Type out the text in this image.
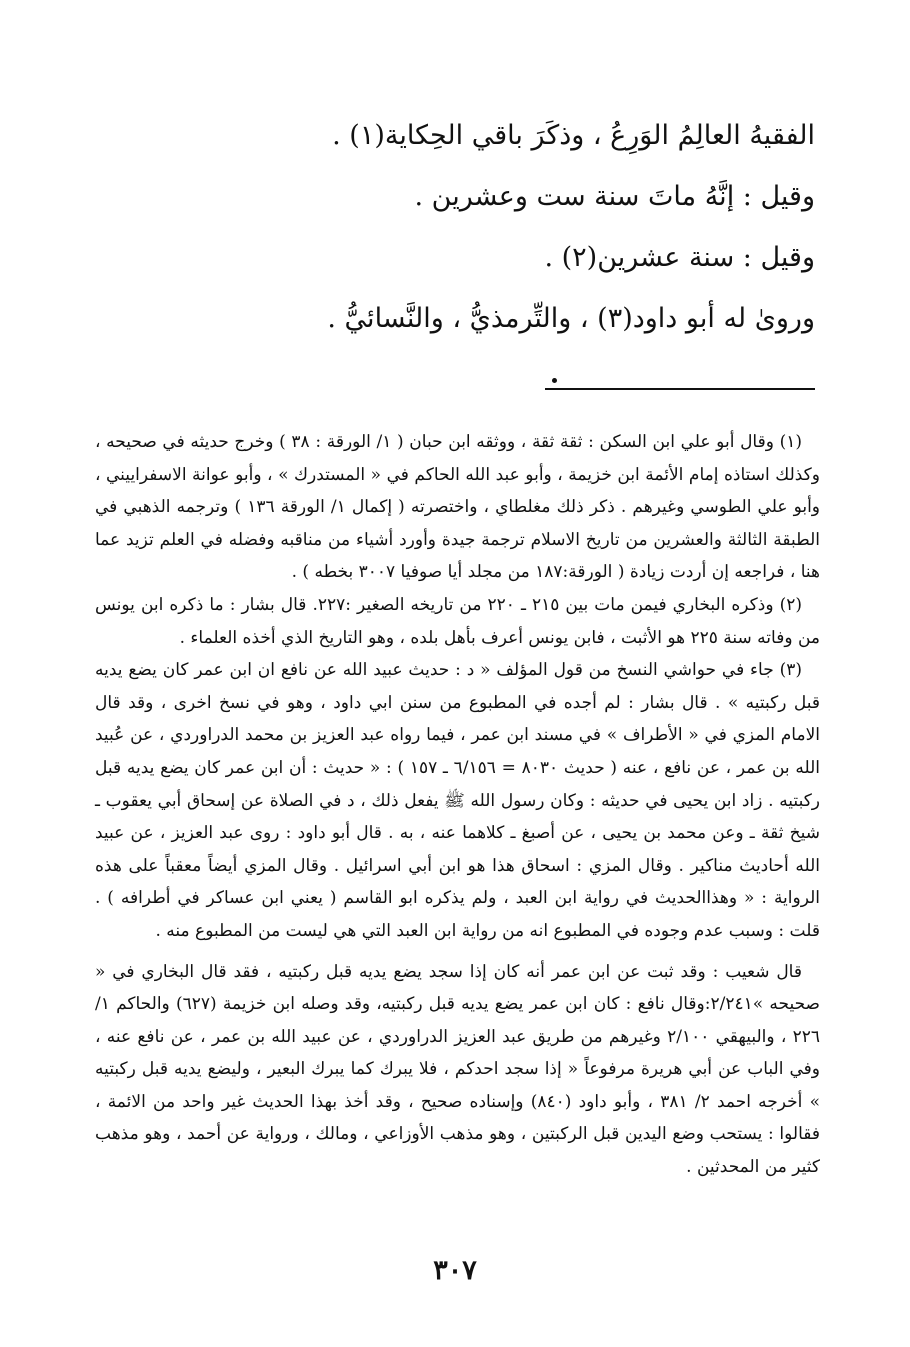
الفقيهُ العالِمُ الوَرِعُ ، وذكَرَ باقي الحِكاية(١) .

وقيل : إنَّهُ ماتَ سنة ست وعشرين .

وقيل : سنة عشرين(٢) .

وروىٰ له أبو داود(٣) ، والتِّرمذيُّ ، والنَّسائيُّ .

(١) وقال أبو علي ابن السكن : ثقة ثقة ، ووثقه ابن حبان ( ١/ الورقة : ٣٨ ) وخرج حديثه في صحيحه ، وكذلك استاذه إمام الأئمة ابن خزيمة ، وأبو عبد الله الحاكم في « المستدرك » ، وأبو عوانة الاسفراييني ، وأبو علي الطوسي وغيرهم . ذكر ذلك مغلطاي ، واختصرته ( إكمال ١/ الورقة ١٣٦ ) وترجمه الذهبي في الطبقة الثالثة والعشرين من تاريخ الاسلام ترجمة جيدة وأورد أشياء من مناقبه وفضله في العلم تزيد عما هنا ، فراجعه إن أردت زيادة ( الورقة:١٨٧ من مجلد أيا صوفيا ٣٠٠٧ بخطه ) .

(٢) وذكره البخاري فيمن مات بين ٢١٥ ـ ٢٢٠ من تاريخه الصغير :٢٢٧. قال بشار : ما ذكره ابن يونس من وفاته سنة ٢٢٥ هو الأثبت ، فابن يونس أعرف بأهل بلده ، وهو التاريخ الذي أخذه العلماء .

(٣) جاء في حواشي النسخ من قول المؤلف « د : حديث عبيد الله عن نافع ان ابن عمر كان يضع يديه قبل ركبتيه » . قال بشار : لم أجده في المطبوع من سنن ابي داود ، وهو في نسخ اخرى ، وقد قال الامام المزي في « الأطراف » في مسند ابن عمر ، فيما رواه عبد العزيز بن محمد الدراوردي ، عن عُبيد الله بن عمر ، عن نافع ، عنه ( حديث ٨٠٣٠ = ٦/١٥٦ ـ ١٥٧ ) : « حديث : أن ابن عمر كان يضع يديه قبل ركبتيه . زاد ابن يحيى في حديثه : وكان رسول الله ﷺ يفعل ذلك ، د في الصلاة عن إسحاق أبي يعقوب ـ شيخ ثقة ـ وعن محمد بن يحيى ، عن أصبغ ـ كلاهما عنه ، به . قال أبو داود : روى عبد العزيز ، عن عبيد الله أحاديث مناكير . وقال المزي : اسحاق هذا هو ابن أبي اسرائيل . وقال المزي أيضاً معقباً على هذه الرواية : « وهذاالحديث في رواية ابن العبد ، ولم يذكره ابو القاسم ( يعني ابن عساكر في أطرافه ) . قلت : وسبب عدم وجوده في المطبوع انه من رواية ابن العبد التي هي ليست من المطبوع منه .

قال شعيب : وقد ثبت عن ابن عمر أنه كان إذا سجد يضع يديه قبل ركبتيه ، فقد قال البخاري في « صحيحه »٢/٢٤١:وقال نافع : كان ابن عمر يضع يديه قبل ركبتيه، وقد وصله ابن خزيمة (٦٢٧) والحاكم ١/ ٢٢٦ ، والبيهقي ٢/١٠٠ وغيرهم من طريق عبد العزيز الدراوردي ، عن عبيد الله بن عمر ، عن نافع عنه ، وفي الباب عن أبي هريرة مرفوعاً « إذا سجد احدكم ، فلا يبرك كما يبرك البعير ، وليضع يديه قبل ركبتيه » أخرجه احمد ٢/ ٣٨١ ، وأبو داود (٨٤٠) وإسناده صحيح ، وقد أخذ بهذا الحديث غير واحد من الائمة ، فقالوا : يستحب وضع اليدين قبل الركبتين ، وهو مذهب الأوزاعي ، ومالك ، ورواية عن أحمد ، وهو مذهب كثير من المحدثين .

٣٠٧
